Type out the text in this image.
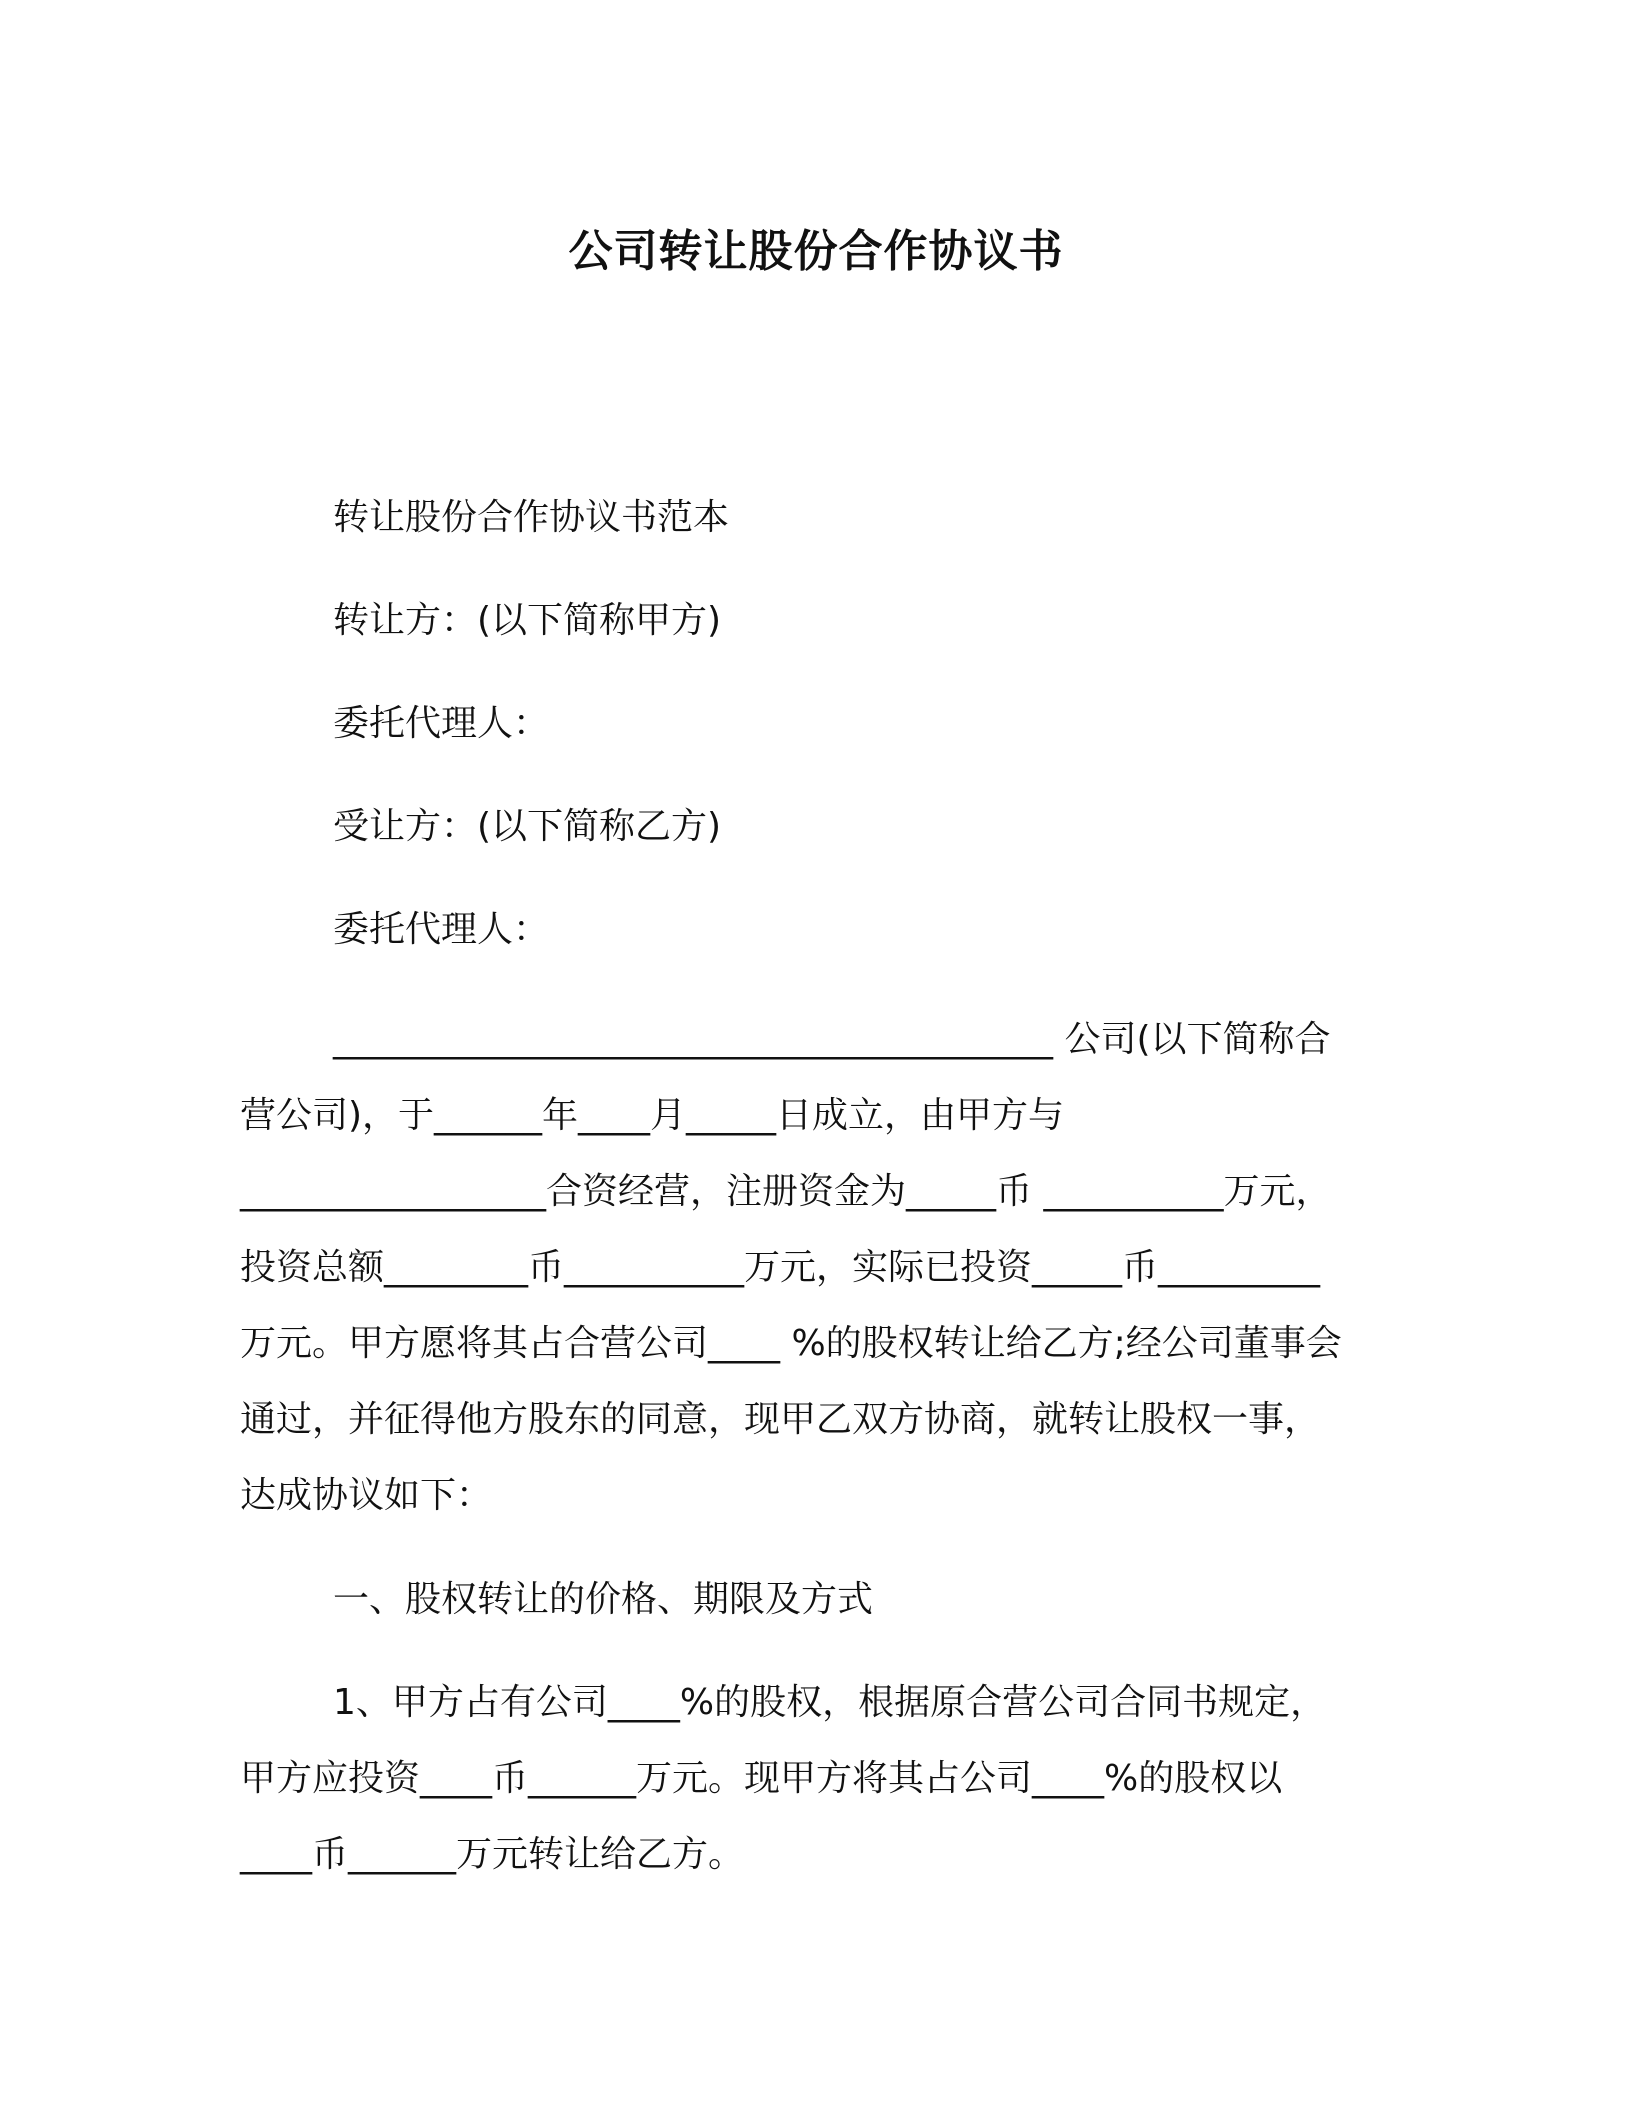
公司转让股份合作协议书
转让股份合作协议书范本
转让方：(以下简称甲方)
委托代理人：
受让方：(以下简称乙方)
委托代理人：
________________________________________ 公司(以下简称合
营公司)，于______年____月_____日成立，由甲方与
_________________合资经营，注册资金为_____币 __________万元，
投资总额________币__________万元，实际已投资_____币_________
万元。甲方愿将其占合营公司____ %的股权转让给乙方;经公司董事会
通过，并征得他方股东的同意，现甲乙双方协商，就转让股权一事，
达成协议如下：
一、股权转让的价格、期限及方式
1、甲方占有公司____%的股权，根据原合营公司合同书规定，
甲方应投资____币______万元。现甲方将其占公司____%的股权以
____币______万元转让给乙方。
